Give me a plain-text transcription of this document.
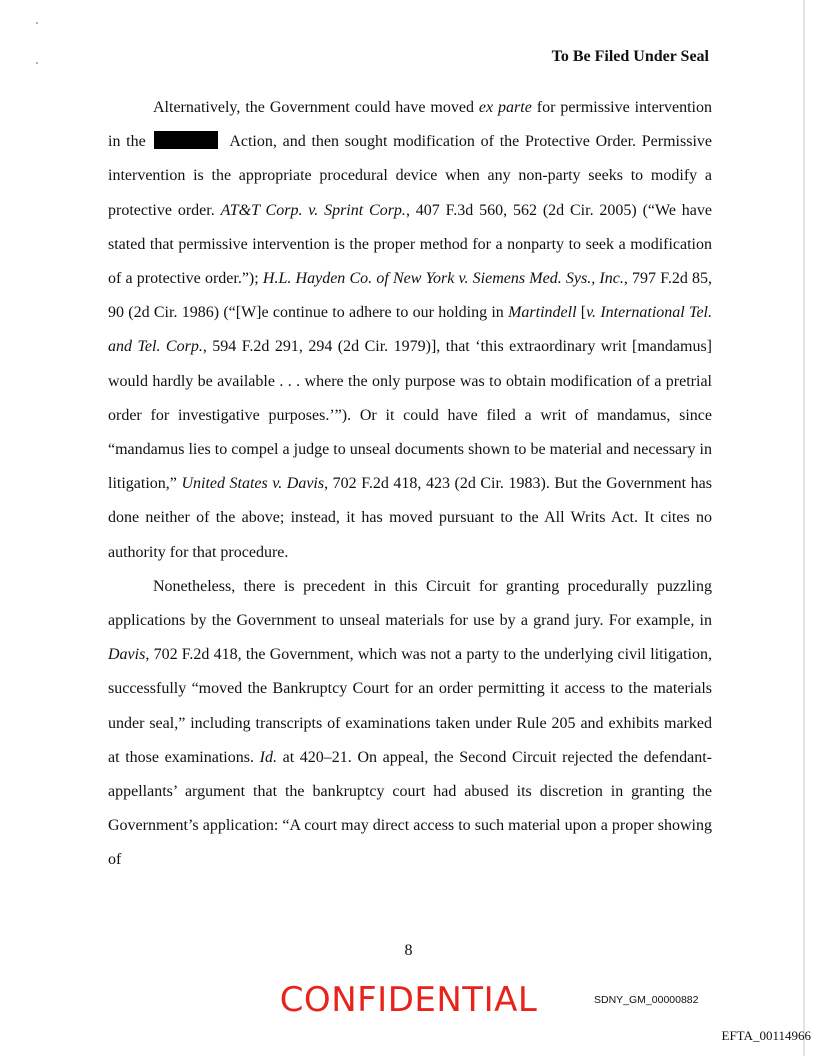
To Be Filed Under Seal

Alternatively, the Government could have moved ex parte for permissive intervention in the	Action, and then sought modification of the Protective Order. Permissive intervention is the appropriate procedural device when any non-party seeks to modify a protective order. AT&T Corp. v. Sprint Corp., 407 F.3d 560, 562 (2d Cir. 2005) (“We have stated that permissive intervention is the proper method for a nonparty to seek a modification of a protective order.”); H.L. Hayden Co. of New York v. Siemens Med. Sys., Inc., 797 F.2d 85, 90 (2d Cir. 1986) (“[W]e continue to adhere to our holding in Martindell [v. International Tel. and Tel. Corp., 594 F.2d 291, 294 (2d Cir. 1979)], that ‘this extraordinary writ [mandamus] would hardly be available . . . where the only purpose was to obtain modification of a pretrial order for investigative purposes.’”). Or it could have filed a writ of mandamus, since “mandamus lies to compel a judge to unseal documents shown to be material and necessary in litigation,” United States v. Davis, 702 F.2d 418, 423 (2d Cir. 1983). But the Government has done neither of the above; instead, it has moved pursuant to the All Writs Act. It cites no authority for that procedure.

Nonetheless, there is precedent in this Circuit for granting procedurally puzzling applications by the Government to unseal materials for use by a grand jury. For example, in Davis, 702 F.2d 418, the Government, which was not a party to the underlying civil litigation, successfully “moved the Bankruptcy Court for an order permitting it access to the materials under seal,” including transcripts of examinations taken under Rule 205 and exhibits marked at those examinations. Id. at 420–21. On appeal, the Second Circuit rejected the defendant-appellants’ argument that the bankruptcy court had abused its discretion in granting the Government’s application: “A court may direct access to such material upon a proper showing of

8
CONFIDENTIAL	SDNY_GM_00000882
EFTA_00114966
